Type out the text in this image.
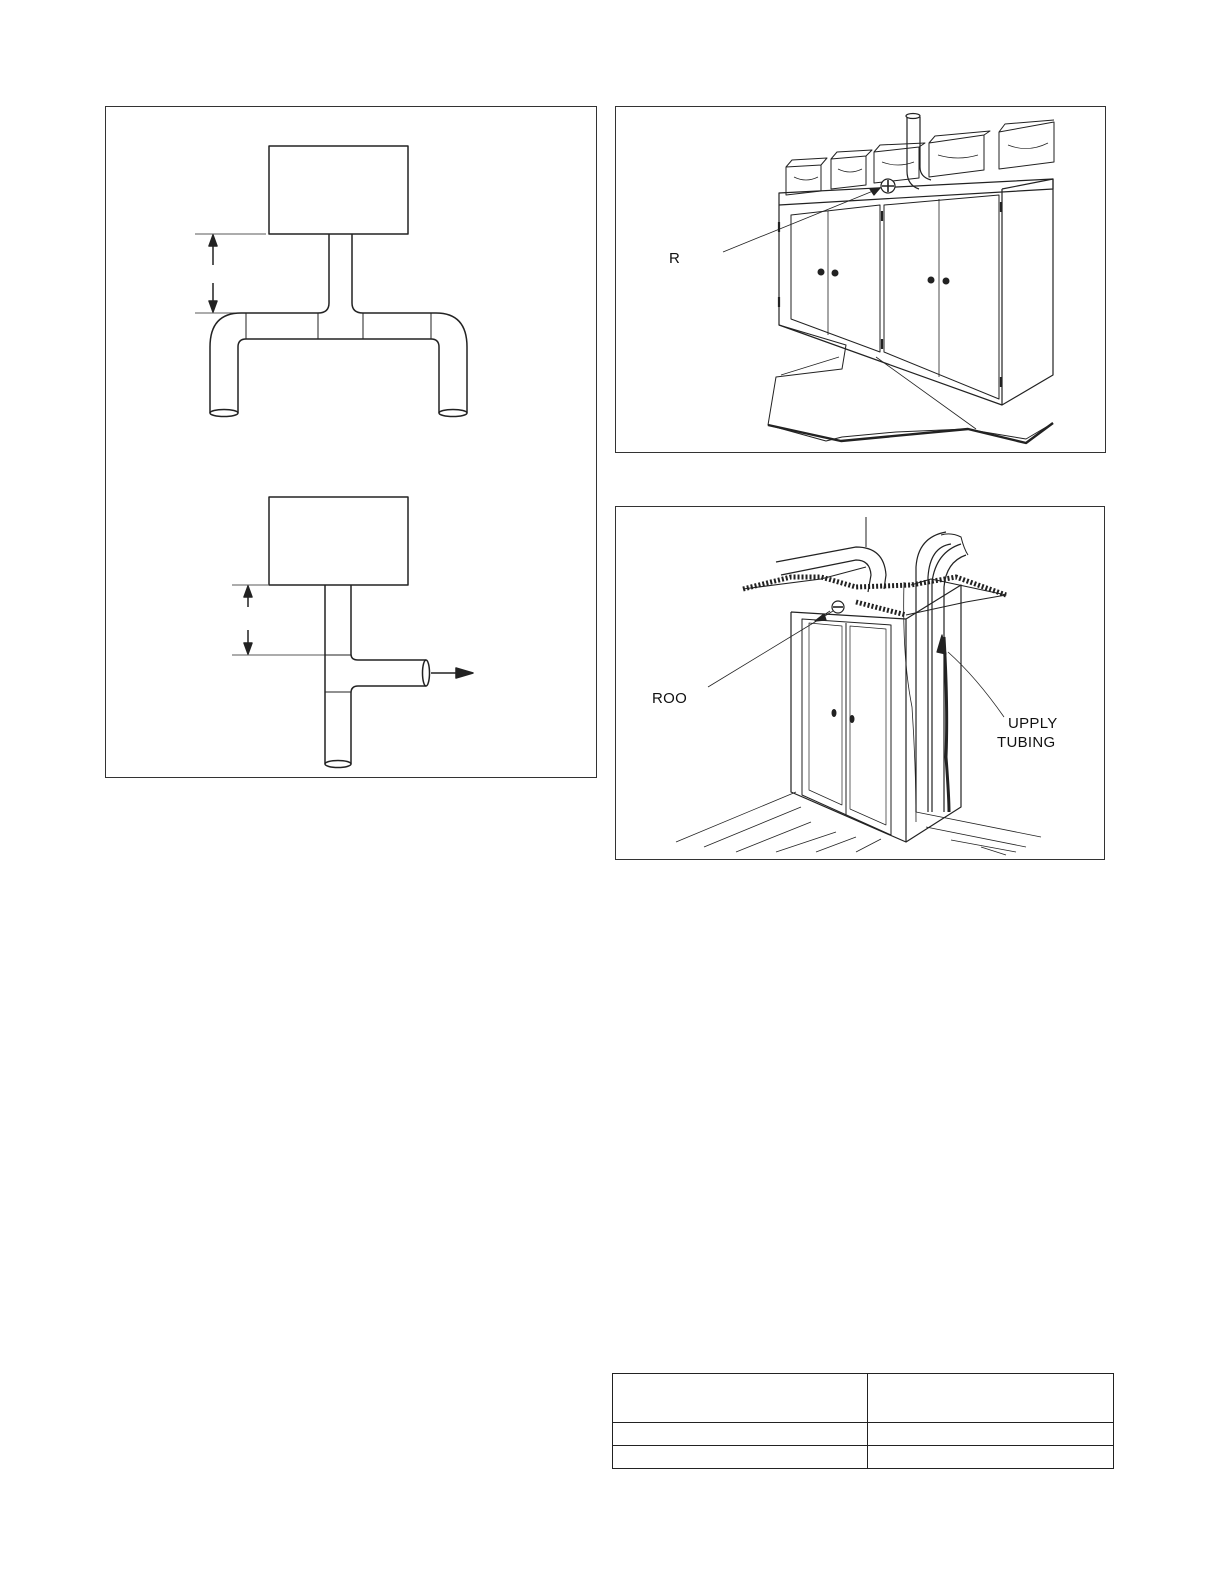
R
ROO
UPPLY
TUBING
